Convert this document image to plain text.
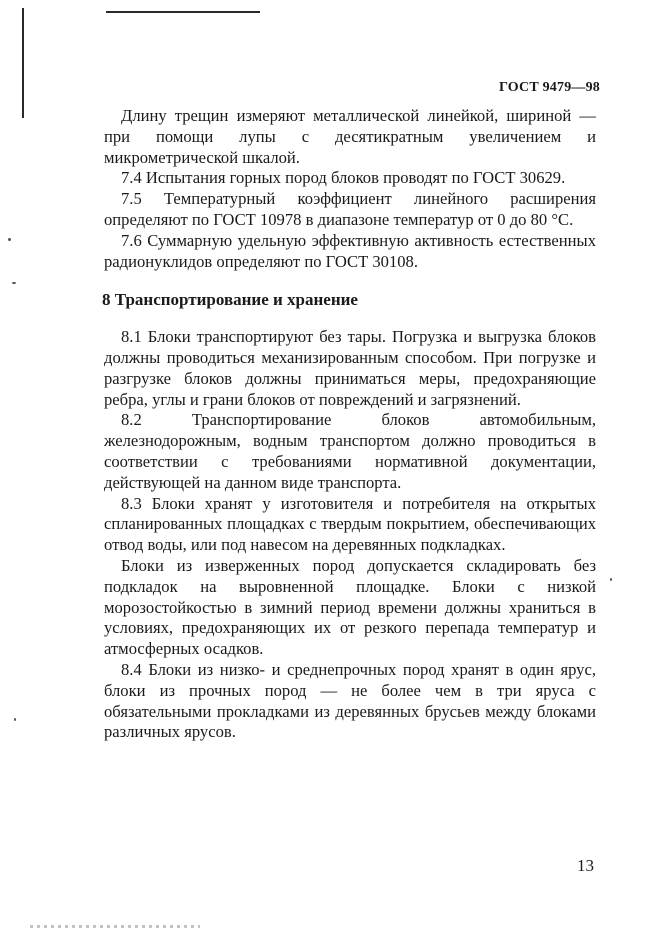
ГОСТ 9479—98

Длину трещин измеряют металлической линейкой, шириной — при помощи лупы с десятикратным увеличением и микрометрической шкалой.

7.4 Испытания горных пород блоков проводят по ГОСТ 30629.

7.5 Температурный коэффициент линейного расширения определяют по ГОСТ 10978 в диапазоне температур от 0 до 80 °С.

7.6 Суммарную удельную эффективную активность естественных радионуклидов определяют по ГОСТ 30108.

8 Транспортирование и хранение

8.1 Блоки транспортируют без тары. Погрузка и выгрузка блоков должны проводиться механизированным способом. При погрузке и разгрузке блоков должны приниматься меры, предохраняющие ребра, углы и грани блоков от повреждений и загрязнений.

8.2 Транспортирование блоков автомобильным, железнодорожным, водным транспортом должно проводиться в соответствии с требованиями нормативной документации, действующей на данном виде транспорта.

8.3 Блоки хранят у изготовителя и потребителя на открытых спланированных площадках с твердым покрытием, обеспечивающих отвод воды, или под навесом на деревянных подкладках.

Блоки из изверженных пород допускается складировать без подкладок на выровненной площадке. Блоки с низкой морозостойкостью в зимний период времени должны храниться в условиях, предохраняющих их от резкого перепада температур и атмосферных осадков.

8.4 Блоки из низко- и среднепрочных пород хранят в один ярус, блоки из прочных пород — не более чем в три яруса с обязательными прокладками из деревянных брусьев между блоками различных ярусов.

13
